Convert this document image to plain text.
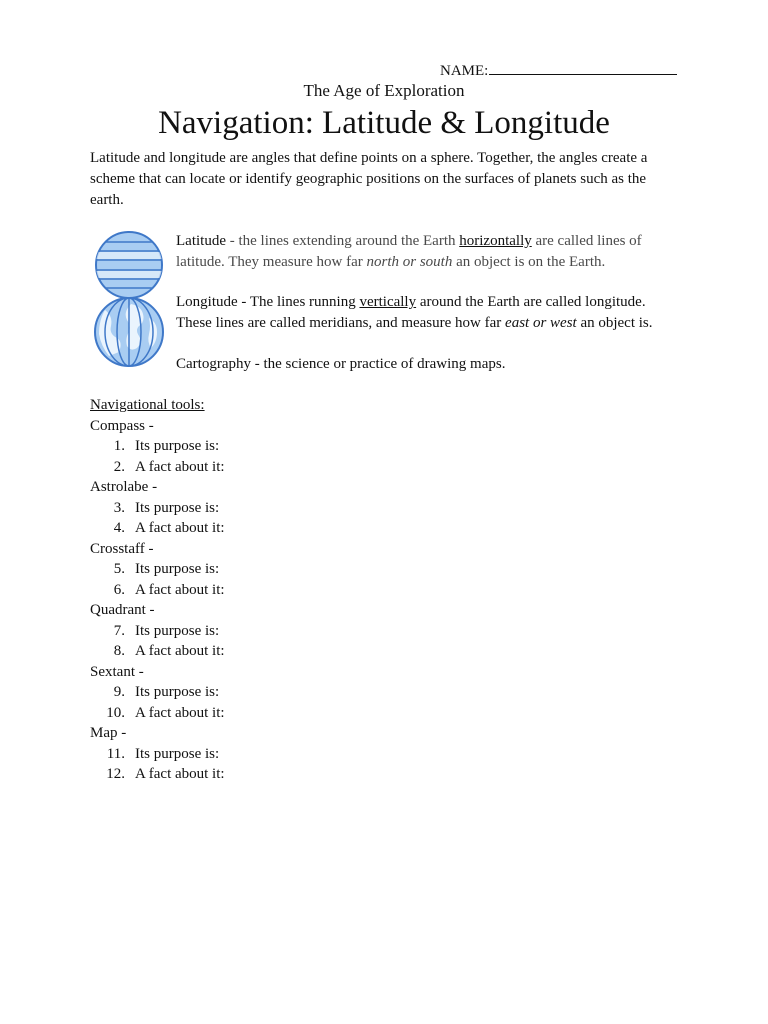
NAME:
The Age of Exploration
Navigation: Latitude & Longitude

Latitude and longitude are angles that define points on a sphere. Together, the angles create a scheme that can locate or identify geographic positions on the surfaces of planets such as the earth.

Latitude - the lines extending around the Earth horizontally are called lines of latitude. They measure how far north or south an object is on the Earth.

Longitude - The lines running vertically around the Earth are called longitude. These lines are called meridians, and measure how far east or west an object is.

Cartography - the science or practice of drawing maps.

Navigational tools:
Compass -
1. Its purpose is:
2. A fact about it:
Astrolabe -
3. Its purpose is:
4. A fact about it:
Crosstaff -
5. Its purpose is:
6. A fact about it:
Quadrant -
7. Its purpose is:
8. A fact about it:
Sextant -
9. Its purpose is:
10. A fact about it:
Map -
11. Its purpose is:
12. A fact about it:
